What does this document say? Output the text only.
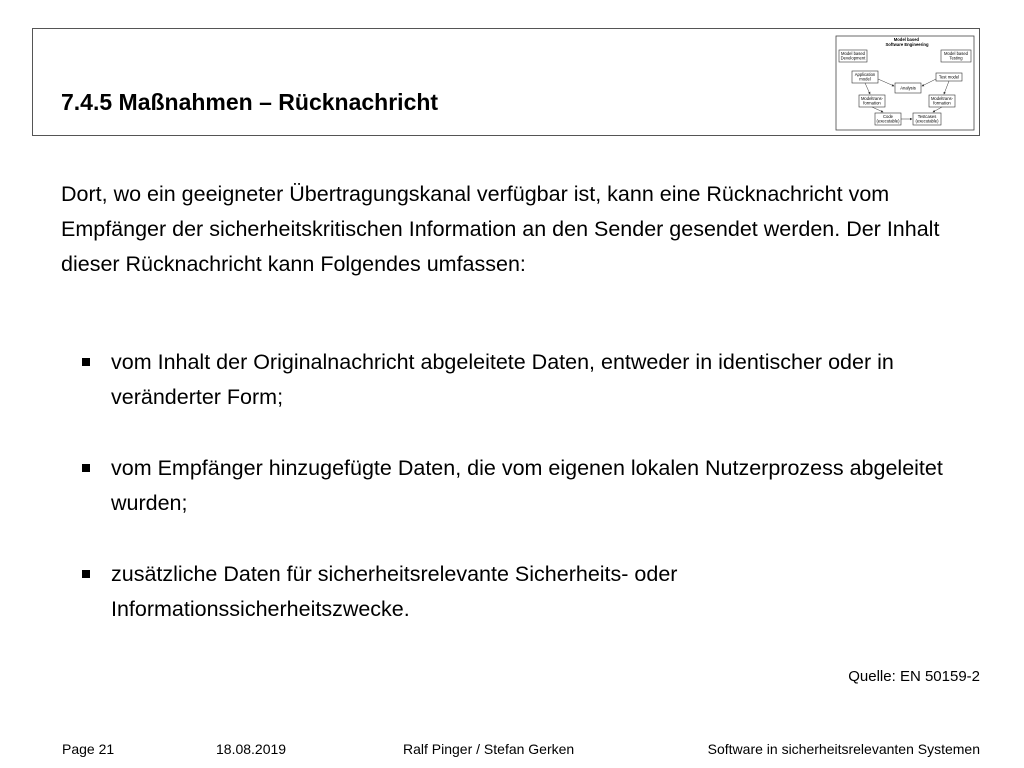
7.4.5 Maßnahmen – Rücknachricht
Model based Software Engineering
Model based Development
Model based Testing
Application model	Test model
Analysis
Modeltrans-formation
Modeltrans-formation
Code (executable)
Testcases (executable)

Dort, wo ein geeigneter Übertragungskanal verfügbar ist, kann eine Rücknachricht vom Empfänger der sicherheitskritischen Information an den Sender gesendet werden. Der Inhalt dieser Rücknachricht kann Folgendes umfassen:

vom Inhalt der Originalnachricht abgeleitete Daten, entweder in identischer oder in veränderter Form;
vom Empfänger hinzugefügte Daten, die vom eigenen lokalen Nutzerprozess abgeleitet wurden;
zusätzliche Daten für sicherheitsrelevante Sicherheits- oder Informationssicherheitszwecke.
Quelle: EN 50159-2
Page 21	18.08.2019	Ralf Pinger / Stefan Gerken	Software in sicherheitsrelevanten Systemen
